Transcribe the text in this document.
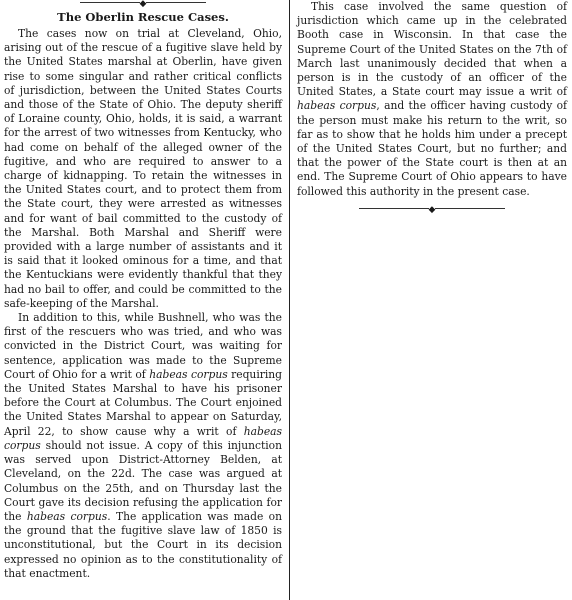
◆
The Oberlin Rescue Cases.

The cases now on trial at Cleveland, Ohio, arising out of the rescue of a fugitive slave held by the United States marshal at Oberlin, have given rise to some singular and rather critical conflicts of jurisdiction, between the United States Courts and those of the State of Ohio. The deputy sheriff of Loraine county, Ohio, holds, it is said, a warrant for the arrest of two witnesses from Kentucky, who had come on behalf of the alleged owner of the fugitive, and who are required to answer to a charge of kidnapping. To retain the witnesses in the United States court, and to protect them from the State court, they were arrested as witnesses and for want of bail committed to the custody of the Marshal. Both Marshal and Sheriff were provided with a large number of assistants and it is said that it looked ominous for a time, and that the Kentuckians were evidently thankful that they had no bail to offer, and could be committed to the safe-keeping of the Marshal.

In addition to this, while Bushnell, who was the first of the rescuers who was tried, and who was convicted in the District Court, was waiting for sentence, application was made to the Supreme Court of Ohio for a writ of habeas corpus requiring the United States Marshal to have his prisoner before the Court at Columbus. The Court enjoined the United States Marshal to appear on Saturday, April 22, to show cause why a writ of habeas corpus should not issue. A copy of this injunction was served upon District-Attorney Belden, at Cleveland, on the 22d. The case was argued at Columbus on the 25th, and on Thursday last the Court gave its decision refusing the application for the habeas corpus. The application was made on the ground that the fugitive slave law of 1850 is unconstitutional, but the Court in its decision expressed no opinion as to the constitutionality of that enactment.

This case involved the same question of jurisdiction which came up in the celebrated Booth case in Wisconsin. In that case the Supreme Court of the United States on the 7th of March last unanimously decided that when a person is in the custody of an officer of the United States, a State court may issue a writ of habeas corpus, and the officer having custody of the person must make his return to the writ, so far as to show that he holds him under a precept of the United States Court, but no further; and that the power of the State court is then at an end. The Supreme Court of Ohio appears to have followed this authority in the present case.

◆
